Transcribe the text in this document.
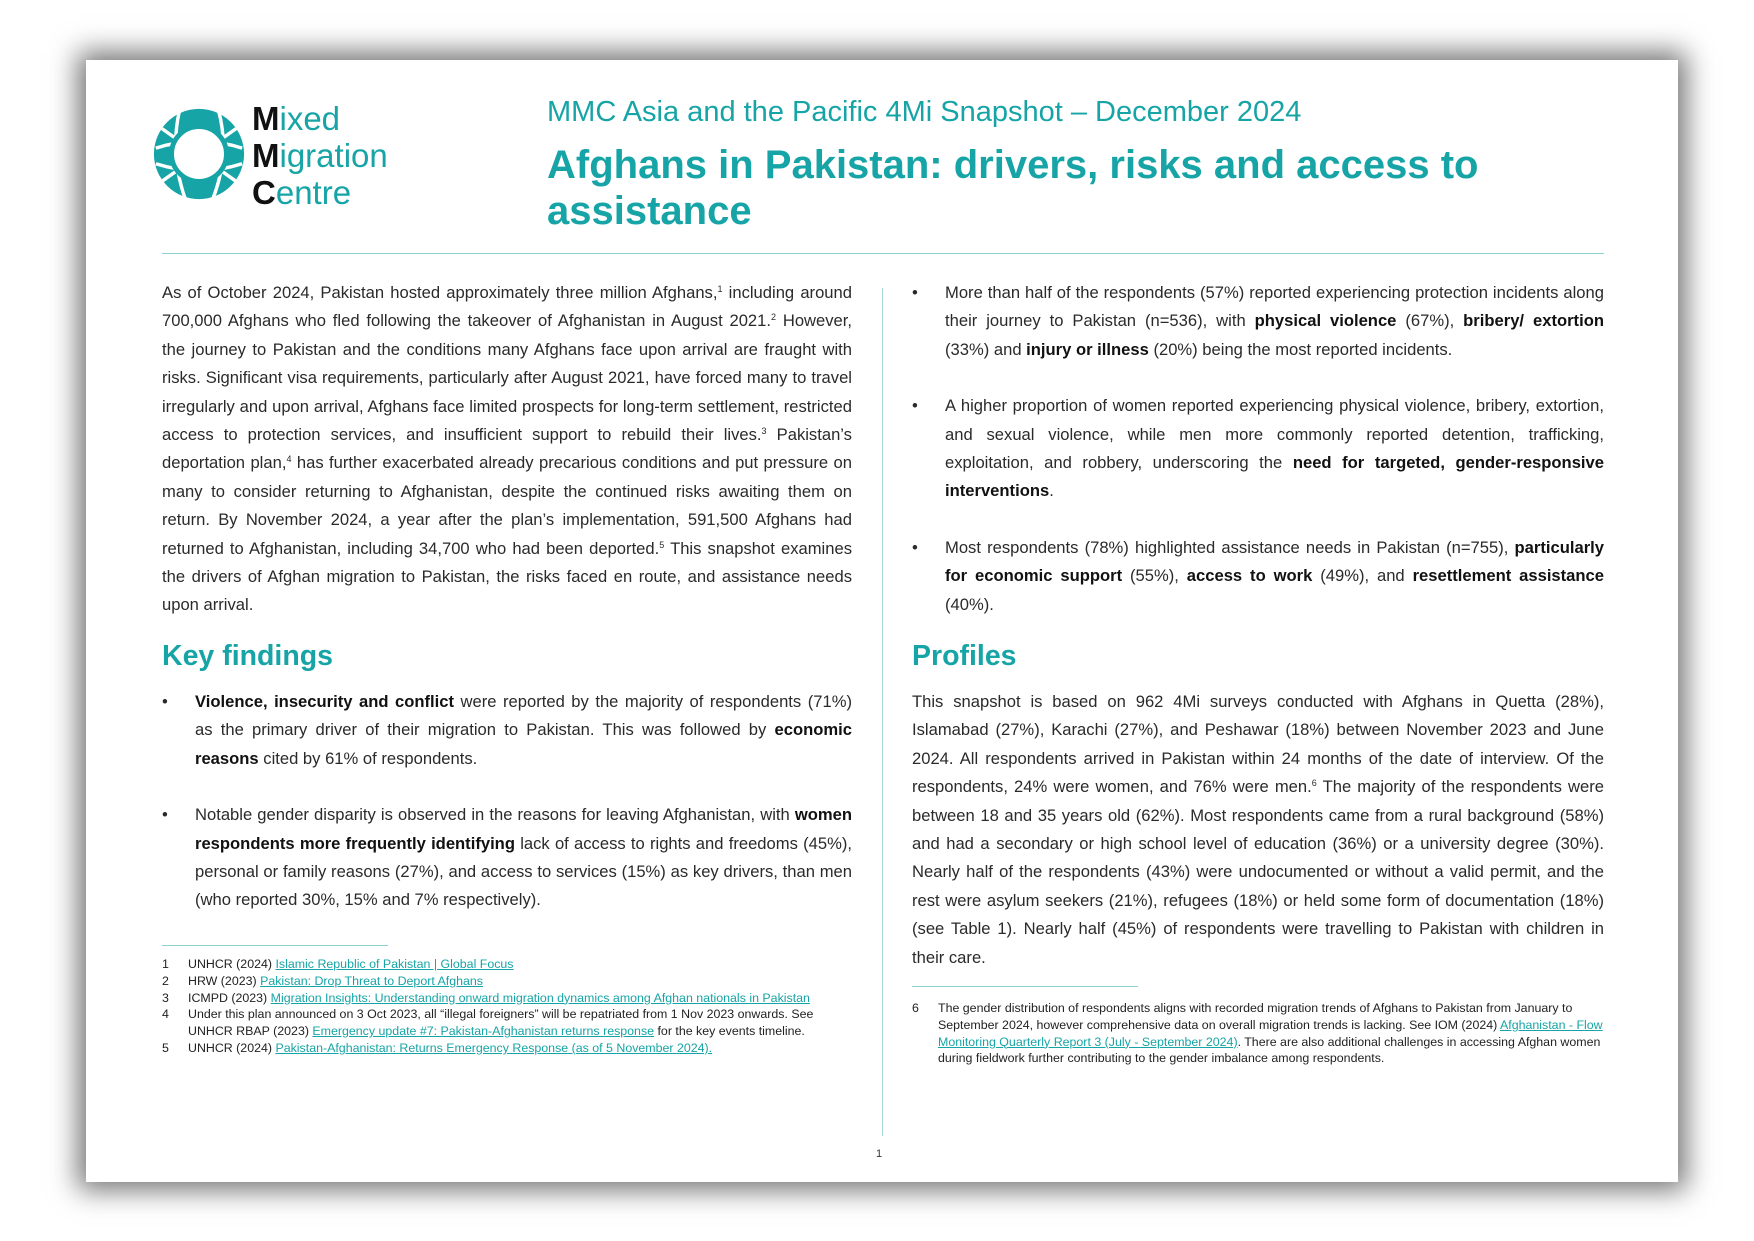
Mixed
Migration
Centre
MMC Asia and the Pacific 4Mi Snapshot – December 2024
Afghans in Pakistan: drivers, risks and access to assistance
As of October 2024, Pakistan hosted approximately three million Afghans,$^1$ including around 700,000 Afghans who fled following the takeover of Afghanistan in August 2021.$^2$ However, the journey to Pakistan and the conditions many Afghans face upon arrival are fraught with risks. Significant visa requirements, particularly after August 2021, have forced many to travel irregularly and upon arrival, Afghans face limited prospects for long-term settlement, restricted access to protection services, and insufficient support to rebuild their lives.$^3$ Pakistan’s deportation plan,$^4$ has further exacerbated already precarious conditions and put pressure on many to consider returning to Afghanistan, despite the continued risks awaiting them on return. By November 2024, a year after the plan’s implementation, 591,500 Afghans had returned to Afghanistan, including 34,700 who had been deported.$^5$ This snapshot examines the drivers of Afghan migration to Pakistan, the risks faced en route, and assistance needs upon arrival.
Key findings
• Violence, insecurity and conflict were reported by the majority of respondents (71%) as the primary driver of their migration to Pakistan. This was followed by economic reasons cited by 61% of respondents.
• Notable gender disparity is observed in the reasons for leaving Afghanistan, with women respondents more frequently identifying lack of access to rights and freedoms (45%), personal or family reasons (27%), and access to services (15%) as key drivers, than men (who reported 30%, 15% and 7% respectively).
• More than half of the respondents (57%) reported experiencing protection incidents along their journey to Pakistan (n=536), with physical violence (67%), bribery/ extortion (33%) and injury or illness (20%) being the most reported incidents.
• A higher proportion of women reported experiencing physical violence, bribery, extortion, and sexual violence, while men more commonly reported detention, trafficking, exploitation, and robbery, underscoring the need for targeted, gender-responsive interventions.
• Most respondents (78%) highlighted assistance needs in Pakistan (n=755), particularly for economic support (55%), access to work (49%), and resettlement assistance (40%).
Profiles
This snapshot is based on 962 4Mi surveys conducted with Afghans in Quetta (28%), Islamabad (27%), Karachi (27%), and Peshawar (18%) between November 2023 and June 2024. All respondents arrived in Pakistan within 24 months of the date of interview. Of the respondents, 24% were women, and 76% were men.$^6$ The majority of the respondents were between 18 and 35 years old (62%). Most respondents came from a rural background (58%) and had a secondary or high school level of education (36%) or a university degree (30%). Nearly half of the respondents (43%) were undocumented or without a valid permit, and the rest were asylum seekers (21%), refugees (18%) or held some form of documentation (18%) (see Table 1). Nearly half (45%) of respondents were travelling to Pakistan with children in their care.
1 UNHCR (2024) Islamic Republic of Pakistan | Global Focus
2 HRW (2023) Pakistan: Drop Threat to Deport Afghans
3 ICMPD (2023) Migration Insights: Understanding onward migration dynamics among Afghan nationals in Pakistan
4 Under this plan announced on 3 Oct 2023, all “illegal foreigners” will be repatriated from 1 Nov 2023 onwards. See UNHCR RBAP (2023) Emergency update #7: Pakistan-Afghanistan returns response for the key events timeline.
5 UNHCR (2024) Pakistan-Afghanistan: Returns Emergency Response (as of 5 November 2024).
6 The gender distribution of respondents aligns with recorded migration trends of Afghans to Pakistan from January to September 2024, however comprehensive data on overall migration trends is lacking. See IOM (2024) Afghanistan - Flow Monitoring Quarterly Report 3 (July - September 2024). There are also additional challenges in accessing Afghan women during fieldwork further contributing to the gender imbalance among respondents.
1
